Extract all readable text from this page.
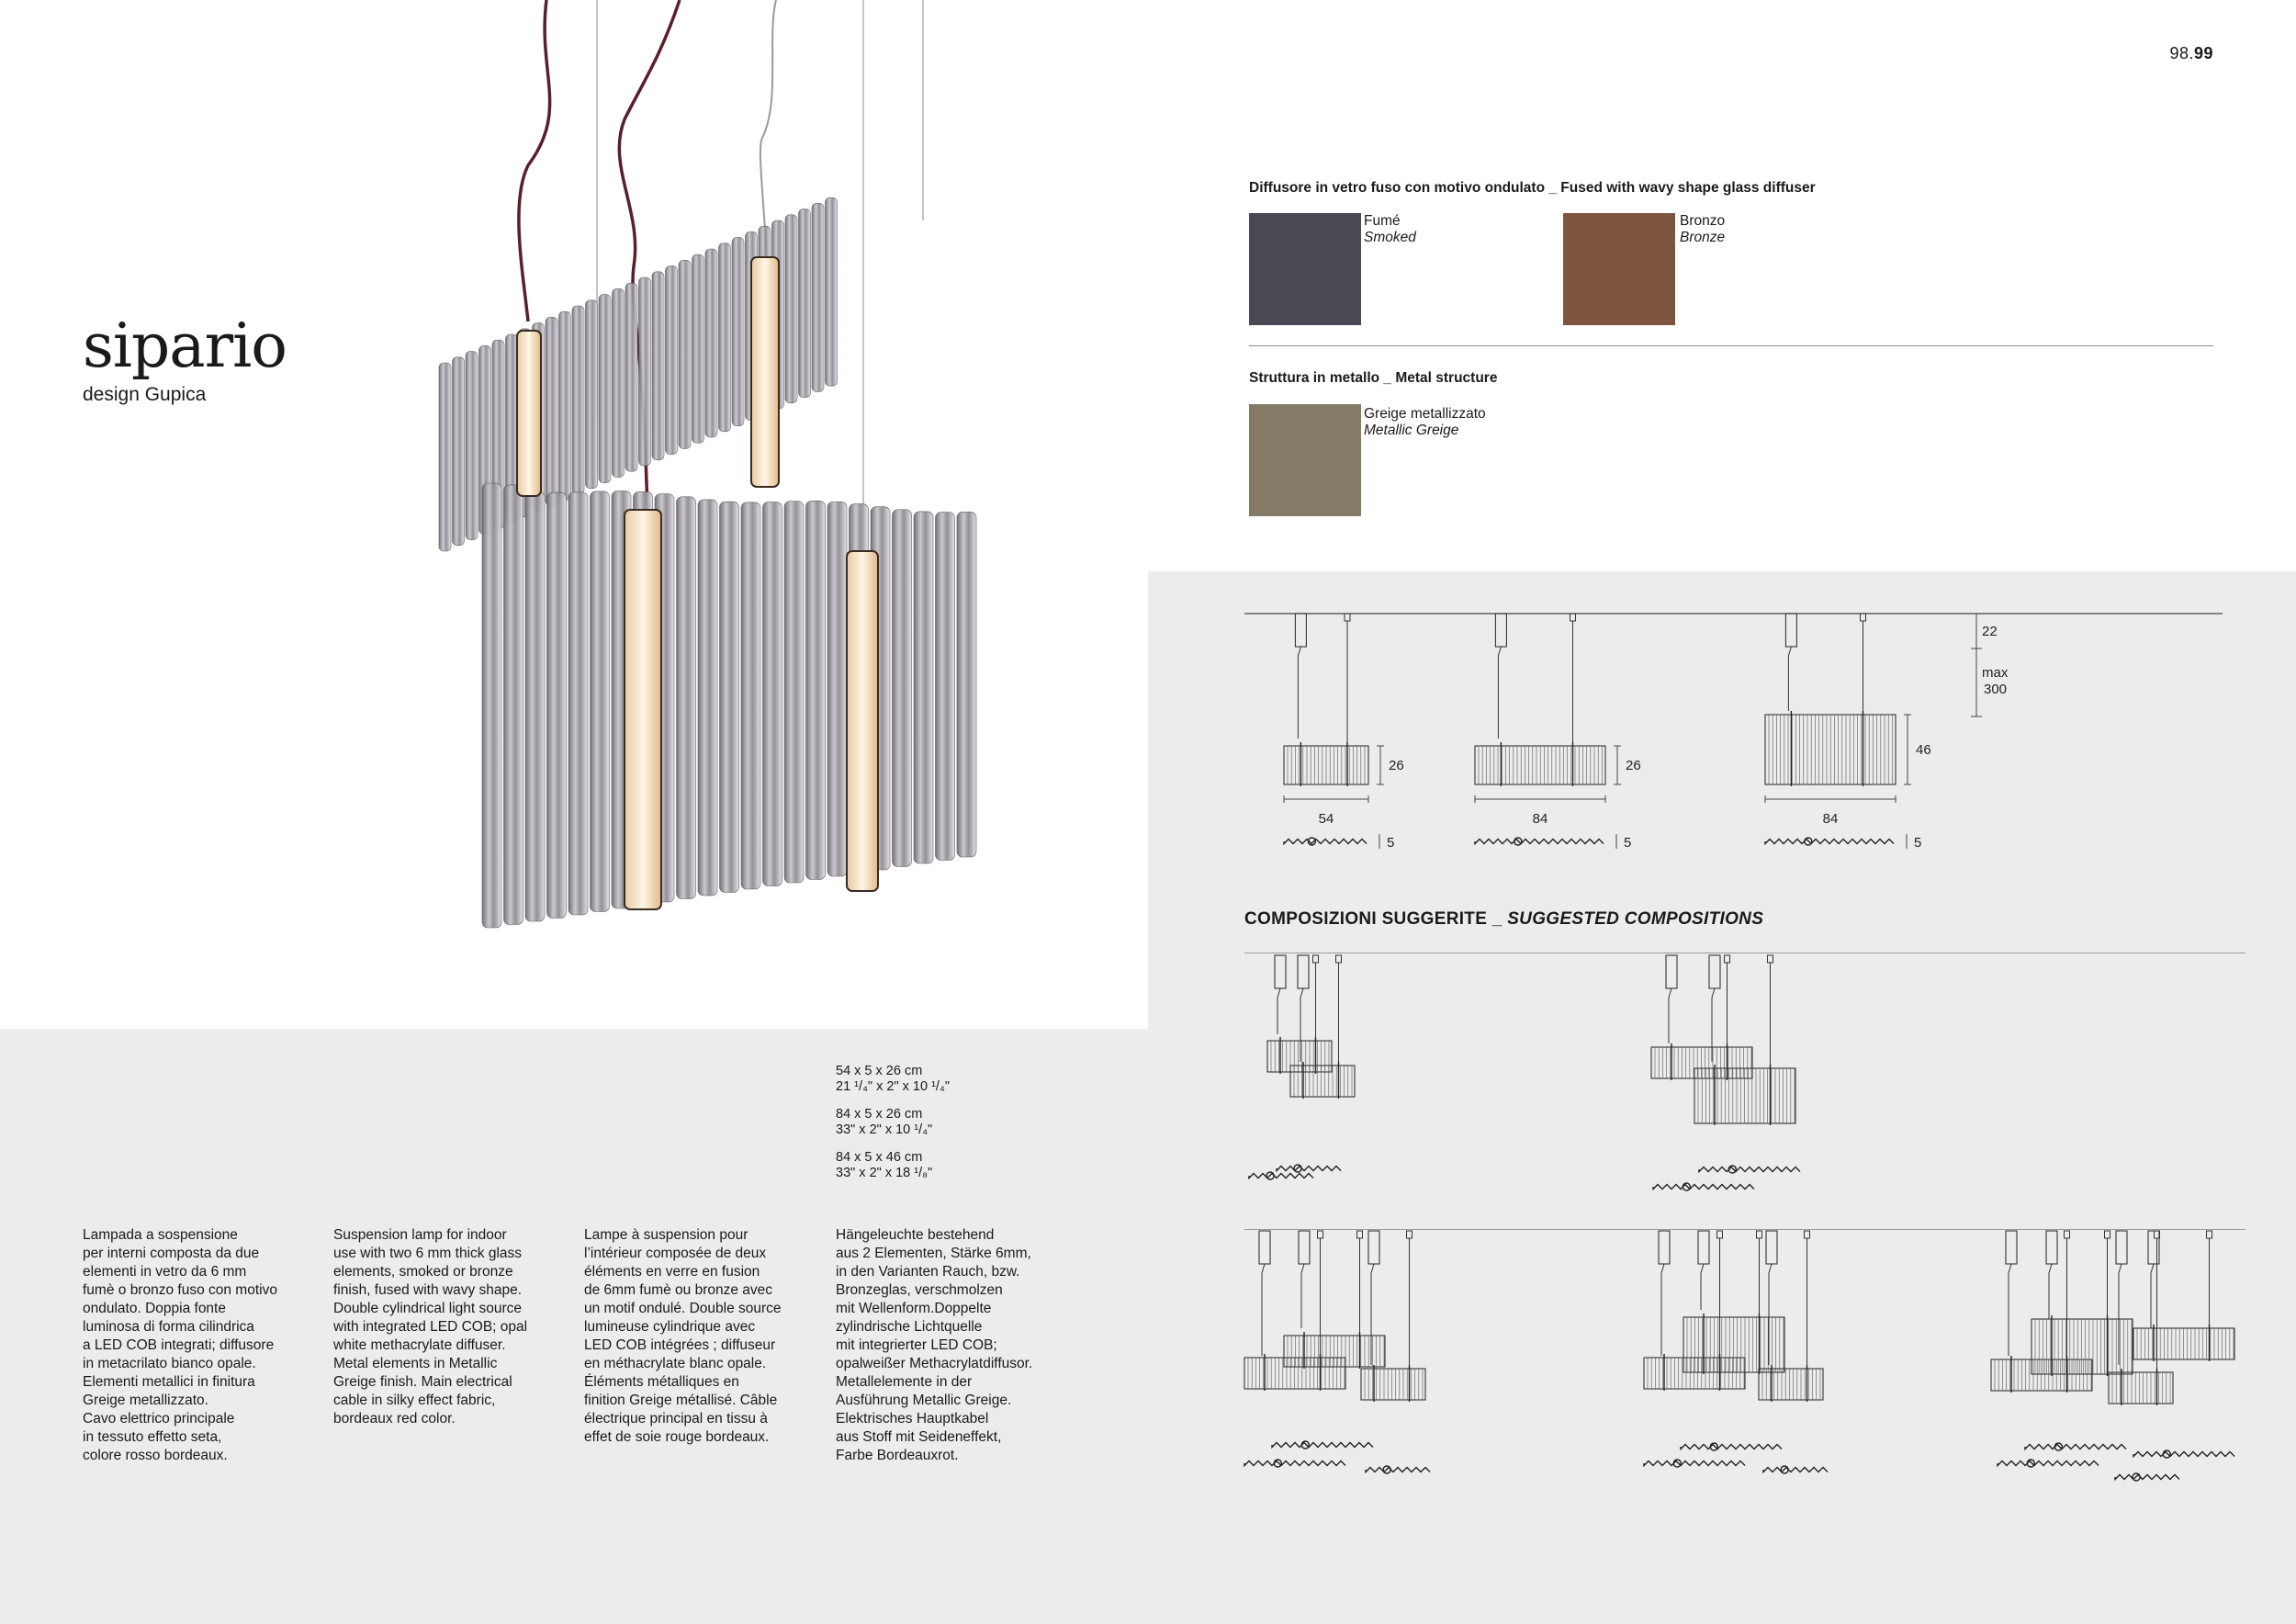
98.99
sipario
design Gupica
Diffusore in vetro fuso con motivo ondulato _ Fused with wavy shape glass diffuser
Fumé
Smoked
Bronzo
Bronze
Struttura in metallo _ Metal structure
Greige metallizzato
Metallic Greige
26
54
5
26
84
5
46
84
5
22
max
300
COMPOSIZIONI SUGGERITE _ SUGGESTED COMPOSITIONS
54 x 5 x 26 cm
21 ¹/₄" x 2" x 10 ¹/₄"
84 x 5 x 26 cm
33" x 2" x 10 ¹/₄"
84 x 5 x 46 cm
33" x 2" x 18 ¹/₈"
Lampada a sospensione
per interni composta da due
elementi in vetro da 6 mm
fumè o bronzo fuso con motivo
ondulato. Doppia fonte
luminosa di forma cilindrica
a LED COB integrati; diffusore
in metacrilato bianco opale.
Elementi metallici in finitura
Greige metallizzato.
Cavo elettrico principale
in tessuto effetto seta,
colore rosso bordeaux.
Suspension lamp for indoor
use with two 6 mm thick glass
elements, smoked or bronze
finish, fused with wavy shape.
Double cylindrical light source
with integrated LED COB; opal
white methacrylate diffuser.
Metal elements in Metallic
Greige finish. Main electrical
cable in silky effect fabric,
bordeaux red color.
Lampe à suspension pour
l’intérieur composée de deux
éléments en verre en fusion
de 6mm fumè ou bronze avec
un motif ondulé. Double source
lumineuse cylindrique avec
LED COB intégrées ; diffuseur
en méthacrylate blanc opale.
Éléments métalliques en
finition Greige métallisé. Câble
électrique principal en tissu à
effet de soie rouge bordeaux.
Hängeleuchte bestehend
aus 2 Elementen, Stärke 6mm,
in den Varianten Rauch, bzw.
Bronzeglas, verschmolzen
mit Wellenform.Doppelte
zylindrische Lichtquelle
mit integrierter LED COB;
opalweißer Methacrylatdiffusor.
Metallelemente in der
Ausführung Metallic Greige.
Elektrisches Hauptkabel
aus Stoff mit Seideneffekt,
Farbe Bordeauxrot.
